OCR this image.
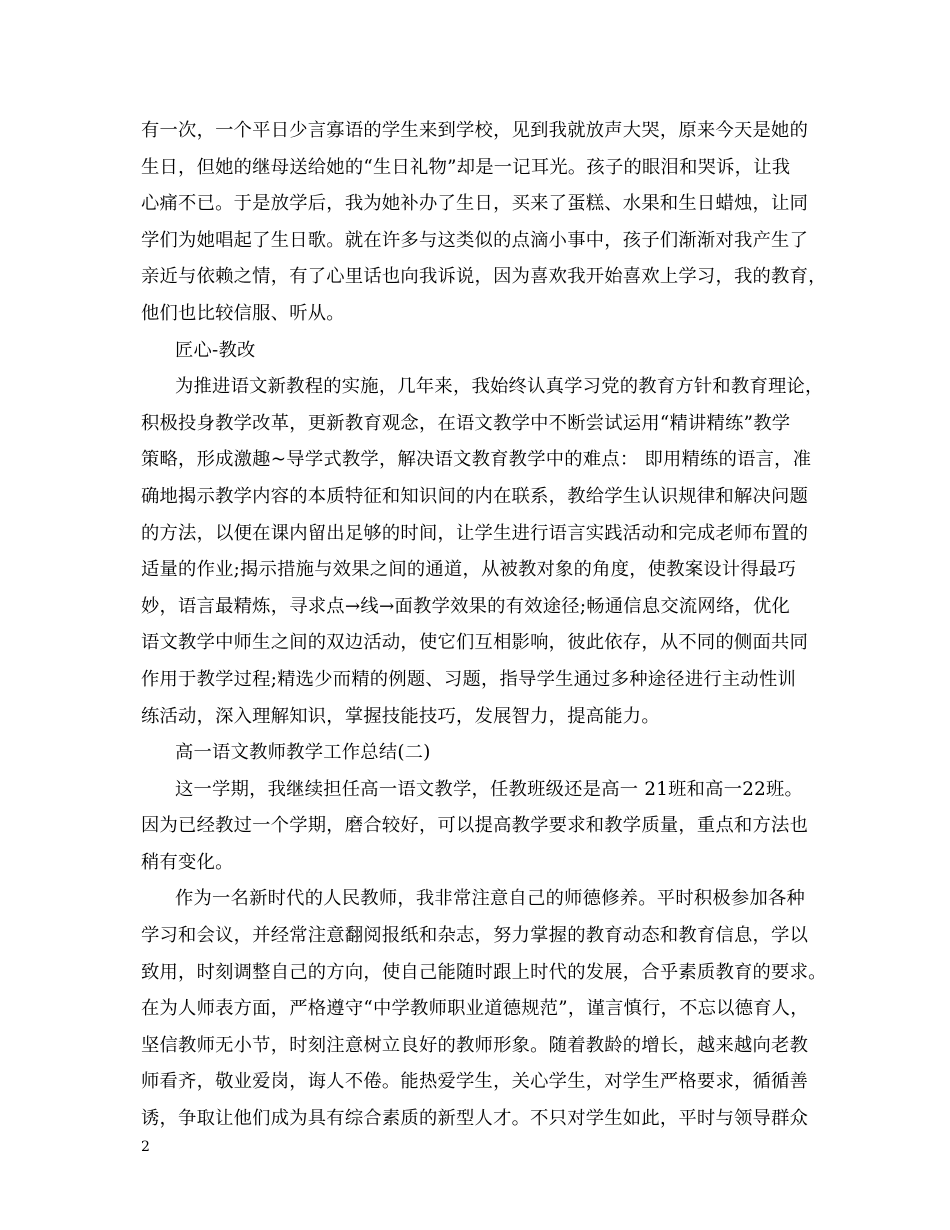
有一次，一个平日少言寡语的学生来到学校，见到我就放声大哭，原来今天是她的
生日，但她的继母送给她的“生日礼物”却是一记耳光。孩子的眼泪和哭诉，让我
心痛不已。于是放学后，我为她补办了生日，买来了蛋糕、水果和生日蜡烛，让同
学们为她唱起了生日歌。就在许多与这类似的点滴小事中，孩子们渐渐对我产生了
亲近与依赖之情，有了心里话也向我诉说，因为喜欢我开始喜欢上学习，我的教育，
他们也比较信服、听从。
匠心-教改
为推进语文新教程的实施，几年来，我始终认真学习党的教育方针和教育理论，
积极投身教学改革，更新教育观念，在语文教学中不断尝试运用“精讲精练”教学
策略，形成激趣~导学式教学，解决语文教育教学中的难点： 即用精练的语言，准
确地揭示教学内容的本质特征和知识间的内在联系，教给学生认识规律和解决问题
的方法，以便在课内留出足够的时间，让学生进行语言实践活动和完成老师布置的
适量的作业;揭示措施与效果之间的通道，从被教对象的角度，使教案设计得最巧
妙，语言最精炼，寻求点→线→面教学效果的有效途径;畅通信息交流网络，优化
语文教学中师生之间的双边活动，使它们互相影响，彼此依存，从不同的侧面共同
作用于教学过程;精选少而精的例题、习题，指导学生通过多种途径进行主动性训
练活动，深入理解知识，掌握技能技巧，发展智力，提高能力。
高一语文教师教学工作总结(二)
这一学期，我继续担任高一语文教学，任教班级还是高一 21班和高一22班。
因为已经教过一个学期，磨合较好，可以提高教学要求和教学质量，重点和方法也
稍有变化。
作为一名新时代的人民教师，我非常注意自己的师德修养。平时积极参加各种
学习和会议，并经常注意翻阅报纸和杂志，努力掌握的教育动态和教育信息，学以
致用，时刻调整自己的方向，使自己能随时跟上时代的发展，合乎素质教育的要求。
在为人师表方面，严格遵守“中学教师职业道德规范”，谨言慎行，不忘以德育人，
坚信教师无小节，时刻注意树立良好的教师形象。随着教龄的增长，越来越向老教
师看齐，敬业爱岗，诲人不倦。能热爱学生，关心学生，对学生严格要求，循循善
诱，争取让他们成为具有综合素质的新型人才。不只对学生如此，平时与领导群众
2
